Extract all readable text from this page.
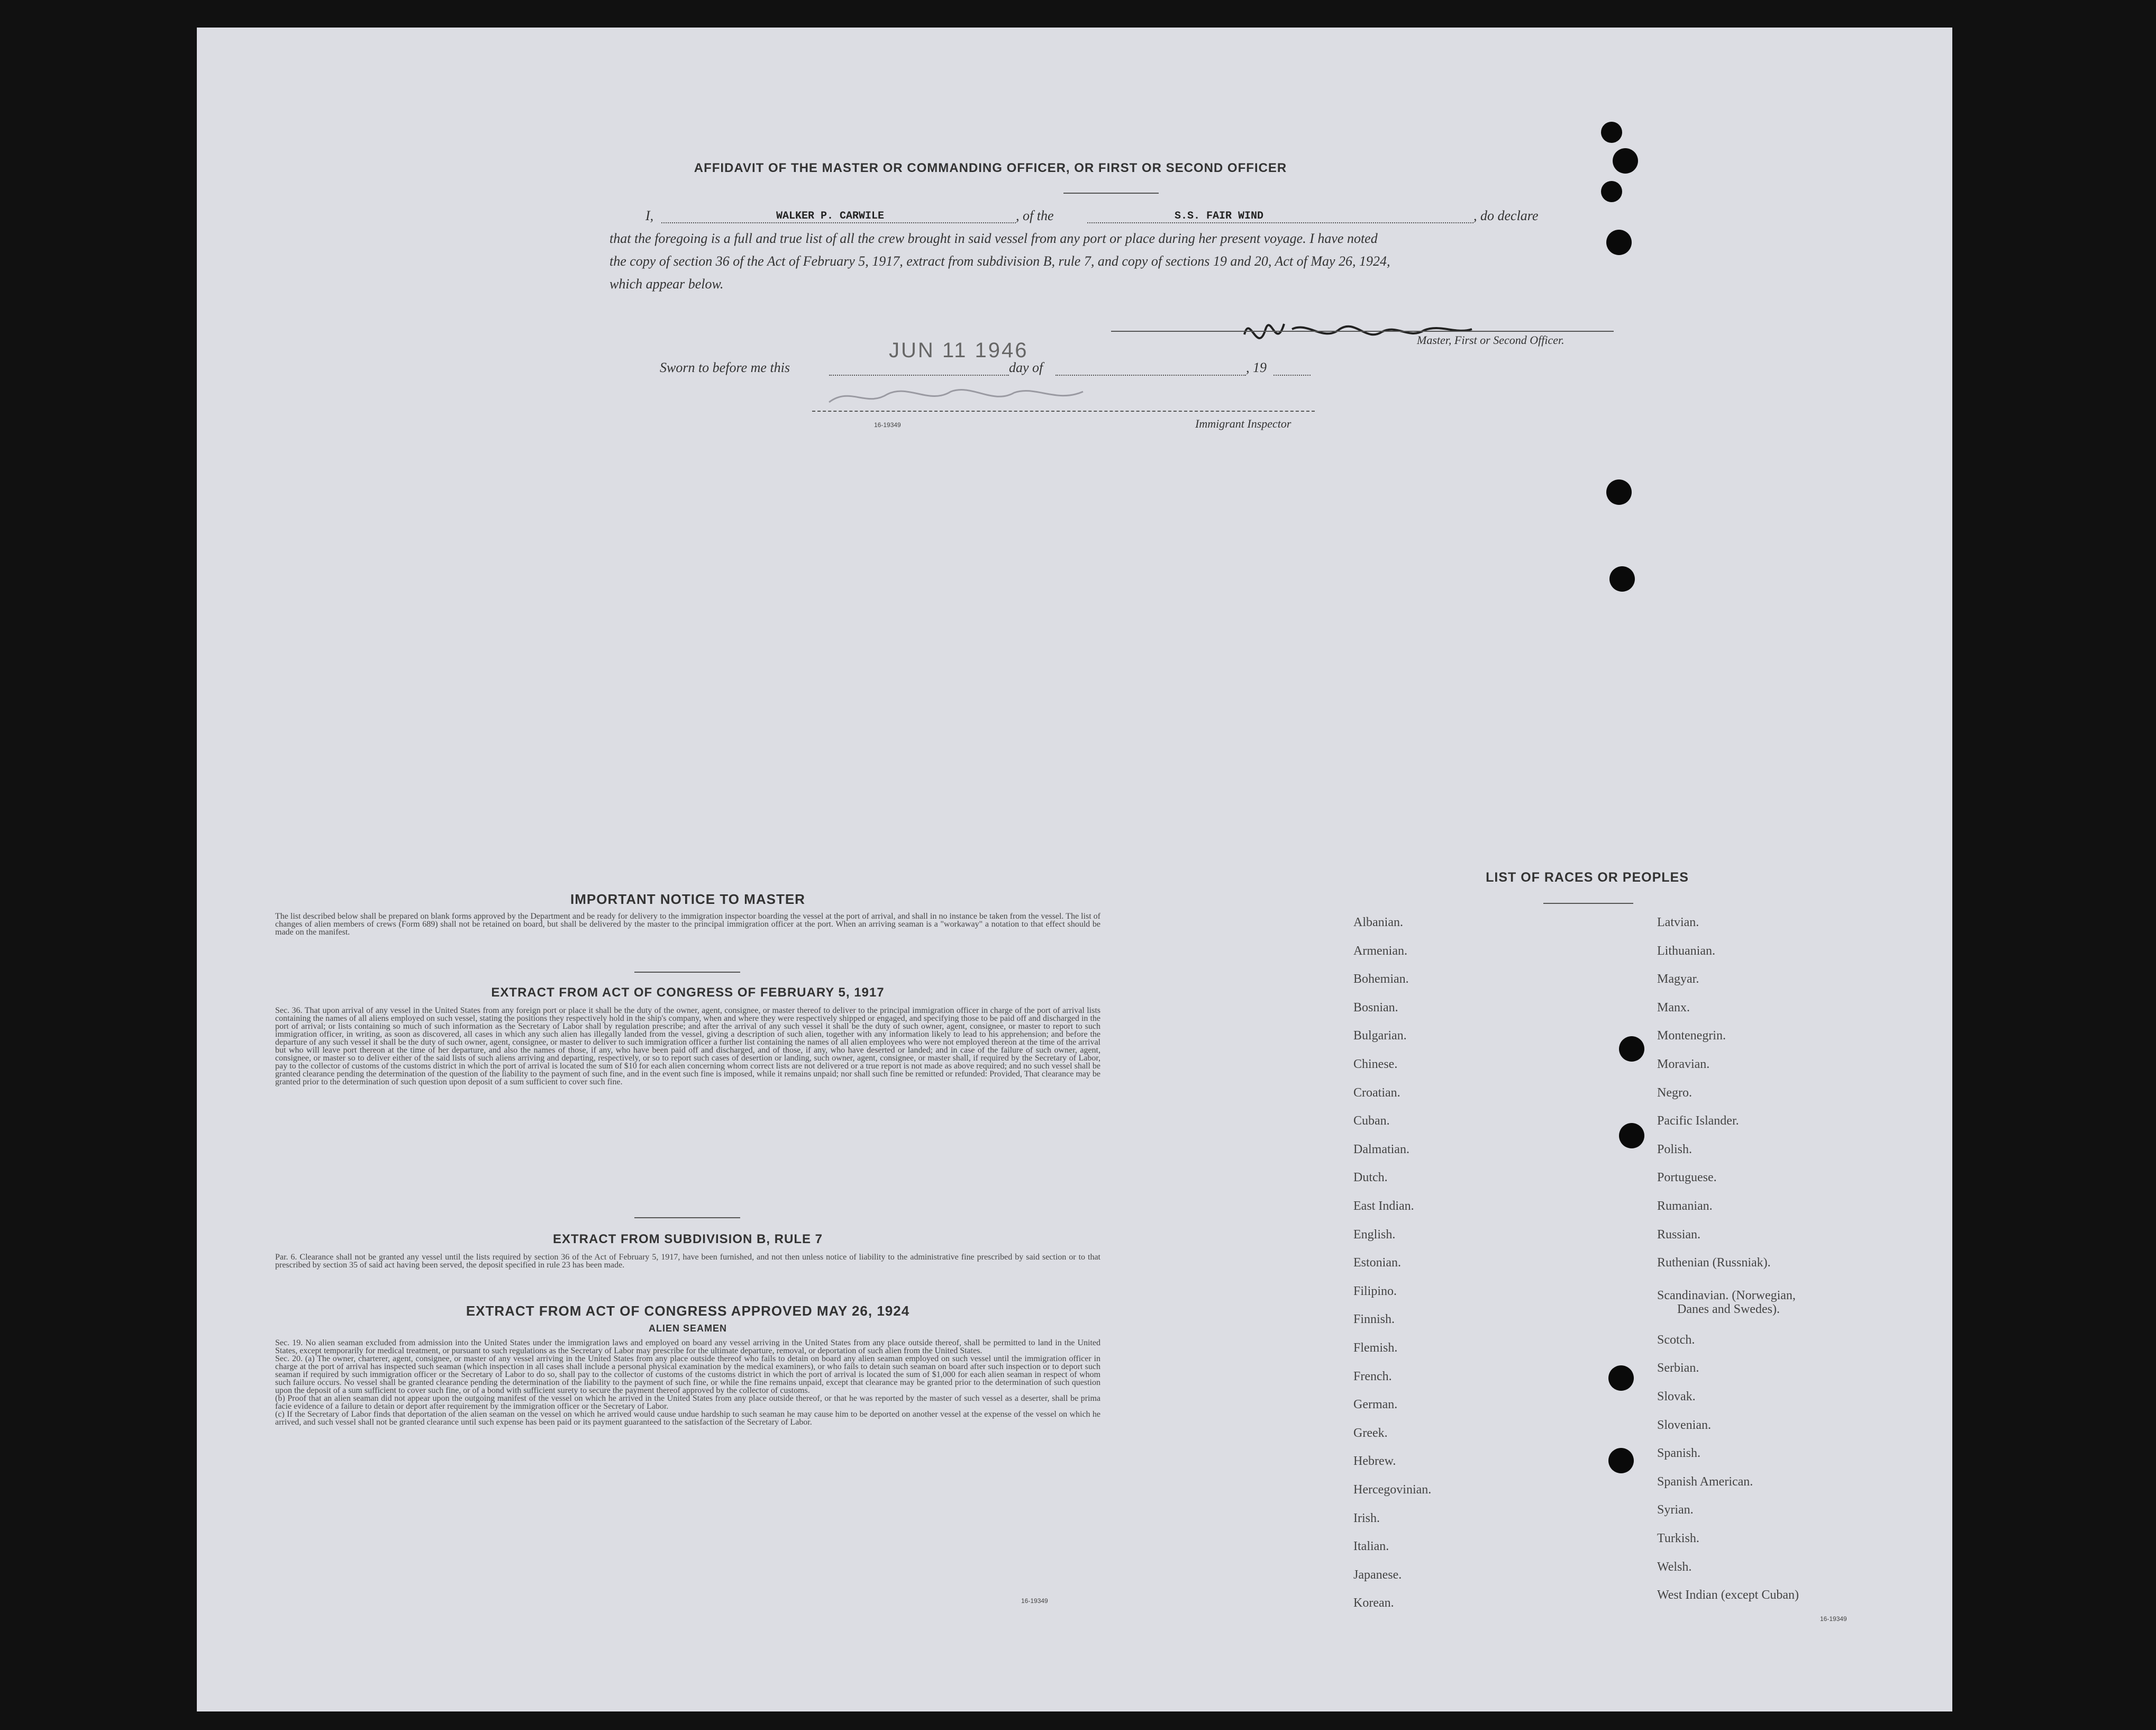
AFFIDAVIT OF THE MASTER OR COMMANDING OFFICER, OR FIRST OR SECOND OFFICER
I,	WALKER P. CARWILE	, of the	S.S. FAIR WIND	, do declare
that the foregoing is a full and true list of all the crew brought in said vessel from any port or place during her present voyage. I have noted
the copy of section 36 of the Act of February 5, 1917, extract from subdivision B, rule 7, and copy of sections 19 and 20, Act of May 26, 1924,
which appear below.
Master, First or Second Officer.
Sworn to before me this
JUN 11 1946
day of	, 19
16-19349	Immigrant Inspector
IMPORTANT NOTICE TO MASTER

The list described below shall be prepared on blank forms approved by the Department and be ready for delivery to the immigration inspector boarding the vessel at the port of arrival, and shall in no instance be taken from the vessel. The list of changes of alien members of crews (Form 689) shall not be retained on board, but shall be delivered by the master to the principal immigration officer at the port. When an arriving seaman is a "workaway" a notation to that effect should be made on the manifest.

EXTRACT FROM ACT OF CONGRESS OF FEBRUARY 5, 1917

Sec. 36. That upon arrival of any vessel in the United States from any foreign port or place it shall be the duty of the owner, agent, consignee, or master thereof to deliver to the principal immigration officer in charge of the port of arrival lists containing the names of all aliens employed on such vessel, stating the positions they respectively hold in the ship's company, when and where they were respectively shipped or engaged, and specifying those to be paid off and discharged in the port of arrival; or lists containing so much of such information as the Secretary of Labor shall by regulation prescribe; and after the arrival of any such vessel it shall be the duty of such owner, agent, consignee, or master to report to such immigration officer, in writing, as soon as discovered, all cases in which any such alien has illegally landed from the vessel, giving a description of such alien, together with any information likely to lead to his apprehension; and before the departure of any such vessel it shall be the duty of such owner, agent, consignee, or master to deliver to such immigration officer a further list containing the names of all alien employees who were not employed thereon at the time of the arrival but who will leave port thereon at the time of her departure, and also the names of those, if any, who have been paid off and discharged, and of those, if any, who have deserted or landed; and in case of the failure of such owner, agent, consignee, or master so to deliver either of the said lists of such aliens arriving and departing, respectively, or so to report such cases of desertion or landing, such owner, agent, consignee, or master shall, if required by the Secretary of Labor, pay to the collector of customs of the customs district in which the port of arrival is located the sum of $10 for each alien concerning whom correct lists are not delivered or a true report is not made as above required; and no such vessel shall be granted clearance pending the determination of the question of the liability to the payment of such fine, and in the event such fine is imposed, while it remains unpaid; nor shall such fine be remitted or refunded: Provided, That clearance may be granted prior to the determination of such question upon deposit of a sum sufficient to cover such fine.

EXTRACT FROM SUBDIVISION B, RULE 7

Par. 6. Clearance shall not be granted any vessel until the lists required by section 36 of the Act of February 5, 1917, have been furnished, and not then unless notice of liability to the administrative fine prescribed by said section or to that prescribed by section 35 of said act having been served, the deposit specified in rule 23 has been made.

EXTRACT FROM ACT OF CONGRESS APPROVED MAY 26, 1924
ALIEN SEAMEN

Sec. 19. No alien seaman excluded from admission into the United States under the immigration laws and employed on board any vessel arriving in the United States from any place outside thereof, shall be permitted to land in the United States, except temporarily for medical treatment, or pursuant to such regulations as the Secretary of Labor may prescribe for the ultimate departure, removal, or deportation of such alien from the United States.

Sec. 20. (a) The owner, charterer, agent, consignee, or master of any vessel arriving in the United States from any place outside thereof who fails to detain on board any alien seaman employed on such vessel until the immigration officer in charge at the port of arrival has inspected such seaman (which inspection in all cases shall include a personal physical examination by the medical examiners), or who fails to detain such seaman on board after such inspection or to deport such seaman if required by such immigration officer or the Secretary of Labor to do so, shall pay to the collector of customs of the customs district in which the port of arrival is located the sum of $1,000 for each alien seaman in respect of whom such failure occurs. No vessel shall be granted clearance pending the determination of the liability to the payment of such fine, or while the fine remains unpaid, except that clearance may be granted prior to the determination of such question upon the deposit of a sum sufficient to cover such fine, or of a bond with sufficient surety to secure the payment thereof approved by the collector of customs.

(b) Proof that an alien seaman did not appear upon the outgoing manifest of the vessel on which he arrived in the United States from any place outside thereof, or that he was reported by the master of such vessel as a deserter, shall be prima facie evidence of a failure to detain or deport after requirement by the immigration officer or the Secretary of Labor.

(c) If the Secretary of Labor finds that deportation of the alien seaman on the vessel on which he arrived would cause undue hardship to such seaman he may cause him to be deported on another vessel at the expense of the vessel on which he arrived, and such vessel shall not be granted clearance until such expense has been paid or its payment guaranteed to the satisfaction of the Secretary of Labor.

16-19349
LIST OF RACES OR PEOPLES
16-19349
Albanian.
Armenian.
Bohemian.
Bosnian.
Bulgarian.
Chinese.
Croatian.
Cuban.
Dalmatian.
Dutch.
East Indian.
English.
Estonian.
Filipino.
Finnish.
Flemish.
French.
German.
Greek.
Hebrew.
Hercegovinian.
Irish.
Italian.
Japanese.
Korean.
Latvian.
Lithuanian.
Magyar.
Manx.
Montenegrin.
Moravian.
Negro.
Pacific Islander.
Polish.
Portuguese.
Rumanian.
Russian.
Ruthenian (Russniak).
Scandinavian. (Norwegian,
Danes and Swedes).
Scotch.
Serbian.
Slovak.
Slovenian.
Spanish.
Spanish American.
Syrian.
Turkish.
Welsh.
West Indian (except Cuban)
